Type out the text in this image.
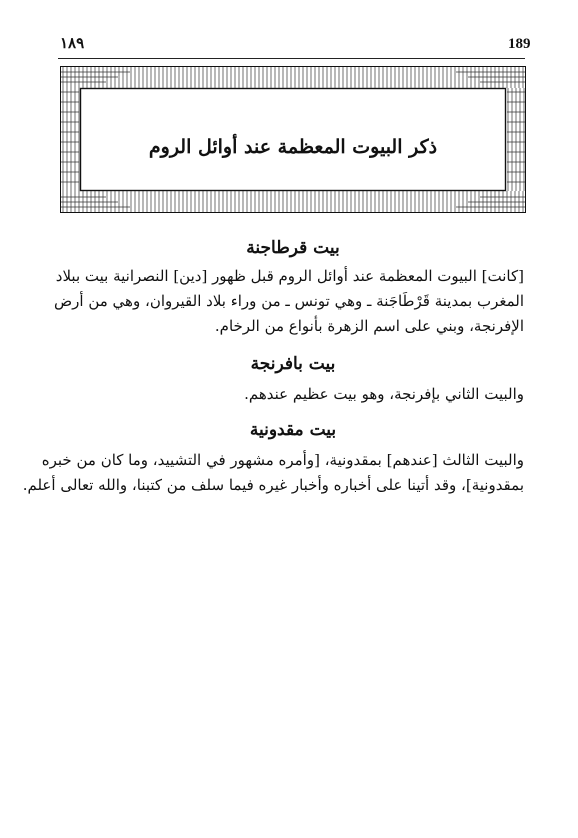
١٨٩	189
ذكر البيوت المعظمة عند أوائل الروم
بيت قرطاجنة
[كانت] البيوت المعظمة عند أوائل الروم قبل ظهور [دين] النصرانية بيت ببلاد
المغرب بمدينة قَرْطَاجَنة ـ وهي تونس ـ من وراء بلاد القيروان، وهي من أرض
الإفرنجة، وبني على اسم الزهرة بأنواع من الرخام.
بيت بافرنجة
والبيت الثاني بإفرنجة، وهو بيت عظيم عندهم.
بيت مقدونية
والبيت الثالث [عندهم] بمقدونية، [وأمره مشهور في التشييد، وما كان من خبره
بمقدونية]، وقد أتينا على أخباره وأخبار غيره فيما سلف من كتبنا، والله تعالى أعلم.
